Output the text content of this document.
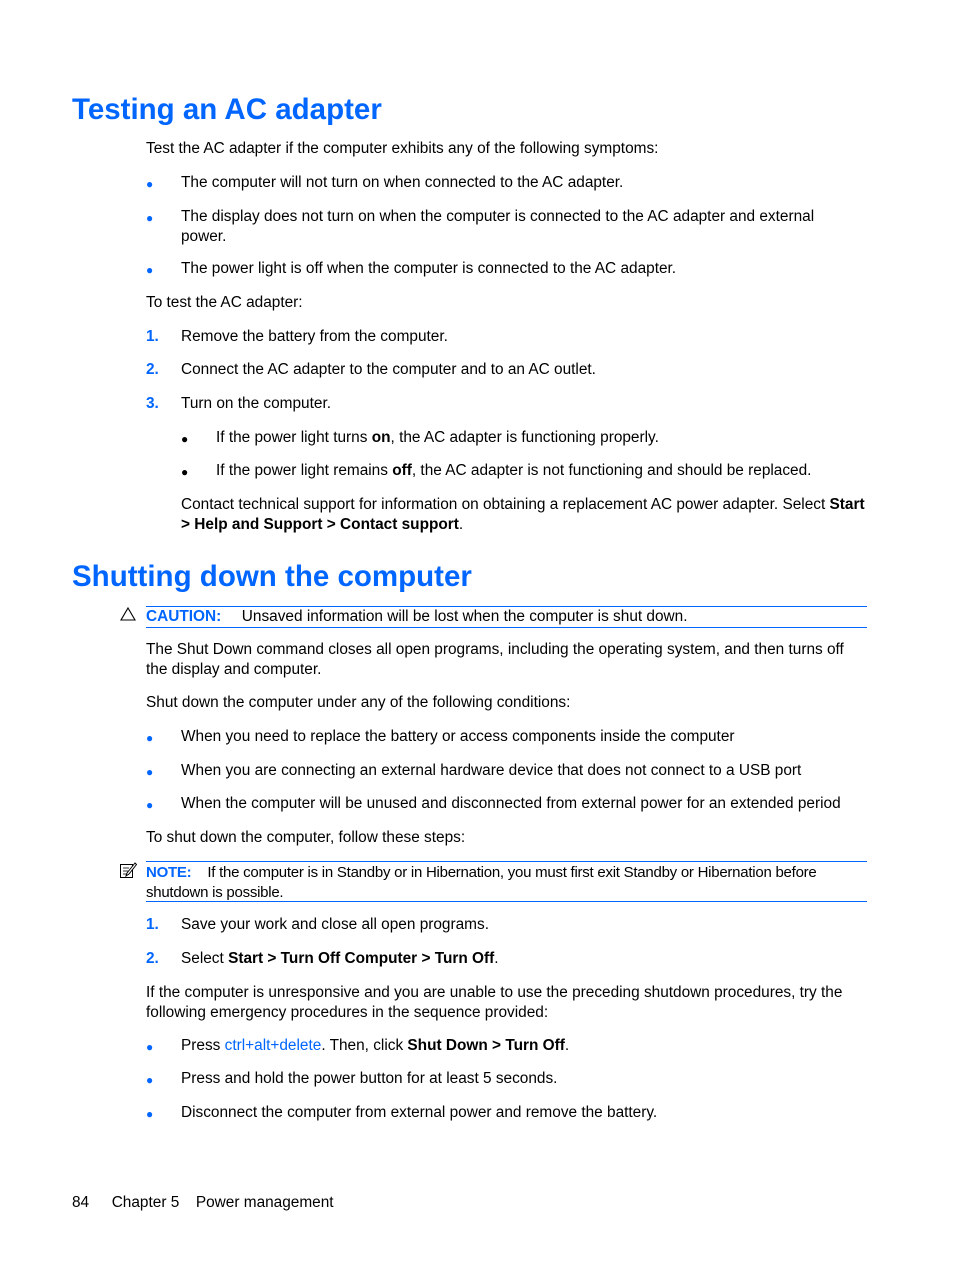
Testing an AC adapter

Test the AC adapter if the computer exhibits any of the following symptoms:

● The computer will not turn on when connected to the AC adapter.

● The display does not turn on when the computer is connected to the AC adapter and external power.

● The power light is off when the computer is connected to the AC adapter.

To test the AC adapter:

1. Remove the battery from the computer.

2. Connect the AC adapter to the computer and to an AC outlet.

3. Turn on the computer.

● If the power light turns on, the AC adapter is functioning properly.

● If the power light remains off, the AC adapter is not functioning and should be replaced.

Contact technical support for information on obtaining a replacement AC power adapter. Select Start > Help and Support > Contact support.

Shutting down the computer
CAUTION: Unsaved information will be lost when the computer is shut down.

The Shut Down command closes all open programs, including the operating system, and then turns off the display and computer.

Shut down the computer under any of the following conditions:

● When you need to replace the battery or access components inside the computer

● When you are connecting an external hardware device that does not connect to a USB port

● When the computer will be unused and disconnected from external power for an extended period

To shut down the computer, follow these steps:

NOTE: If the computer is in Standby or in Hibernation, you must first exit Standby or Hibernation before shutdown is possible.
1. Save your work and close all open programs.

2. Select Start > Turn Off Computer > Turn Off.

If the computer is unresponsive and you are unable to use the preceding shutdown procedures, try the following emergency procedures in the sequence provided:

● Press ctrl+alt+delete. Then, click Shut Down > Turn Off.

● Press and hold the power button for at least 5 seconds.

● Disconnect the computer from external power and remove the battery.

84 Chapter 5 Power management
